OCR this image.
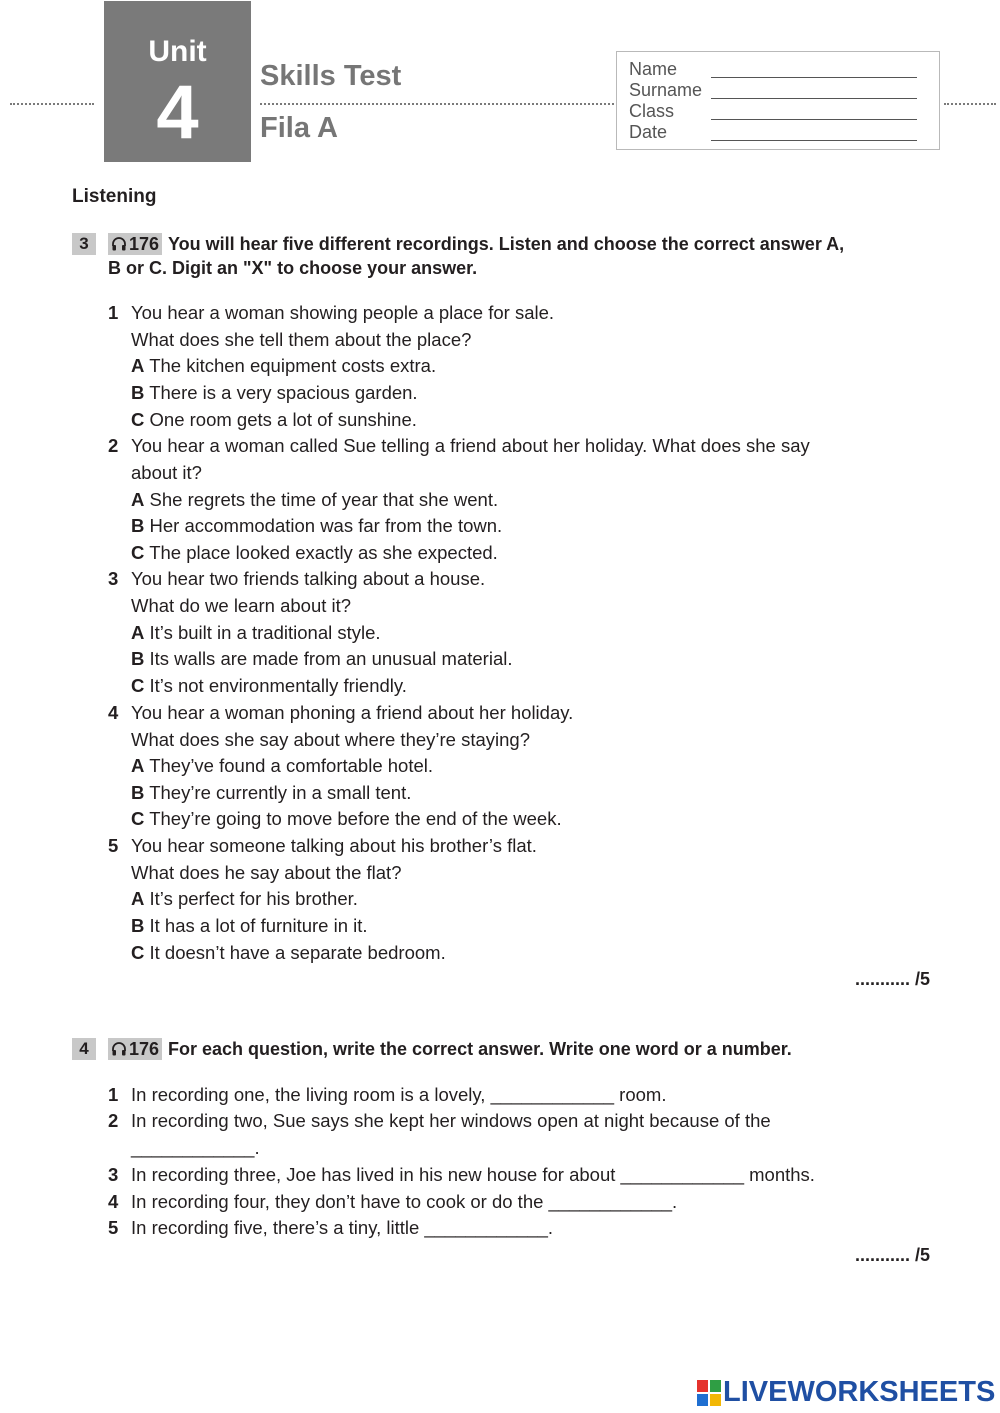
Unit
4	Skills Test
Fila A
Name
Surname
Class
Date
Listening
3	176 You will hear five different recordings. Listen and choose the correct answer A,
B or C. Digit an "X" to choose your answer.
1 You hear a woman showing people a place for sale.
What does she tell them about the place?
A The kitchen equipment costs extra.
B There is a very spacious garden.
C One room gets a lot of sunshine.
2 You hear a woman called Sue telling a friend about her holiday. What does she say
about it?
A She regrets the time of year that she went.
B Her accommodation was far from the town.
C The place looked exactly as she expected.
3 You hear two friends talking about a house.
What do we learn about it?
A It’s built in a traditional style.
B Its walls are made from an unusual material.
C It’s not environmentally friendly.
4 You hear a woman phoning a friend about her holiday.
What does she say about where they’re staying?
A They’ve found a comfortable hotel.
B They’re currently in a small tent.
C They’re going to move before the end of the week.
5 You hear someone talking about his brother’s flat.
What does he say about the flat?
A It’s perfect for his brother.
B It has a lot of furniture in it.
C It doesn’t have a separate bedroom.
........... /5
4	176 For each question, write the correct answer. Write one word or a number.
1 In recording one, the living room is a lovely, ____________ room.
2 In recording two, Sue says she kept her windows open at night because of the
____________.
3 In recording three, Joe has lived in his new house for about ____________ months.
4 In recording four, they don’t have to cook or do the ____________.
5 In recording five, there’s a tiny, little ____________.
........... /5
LIVEWORKSHEETS
